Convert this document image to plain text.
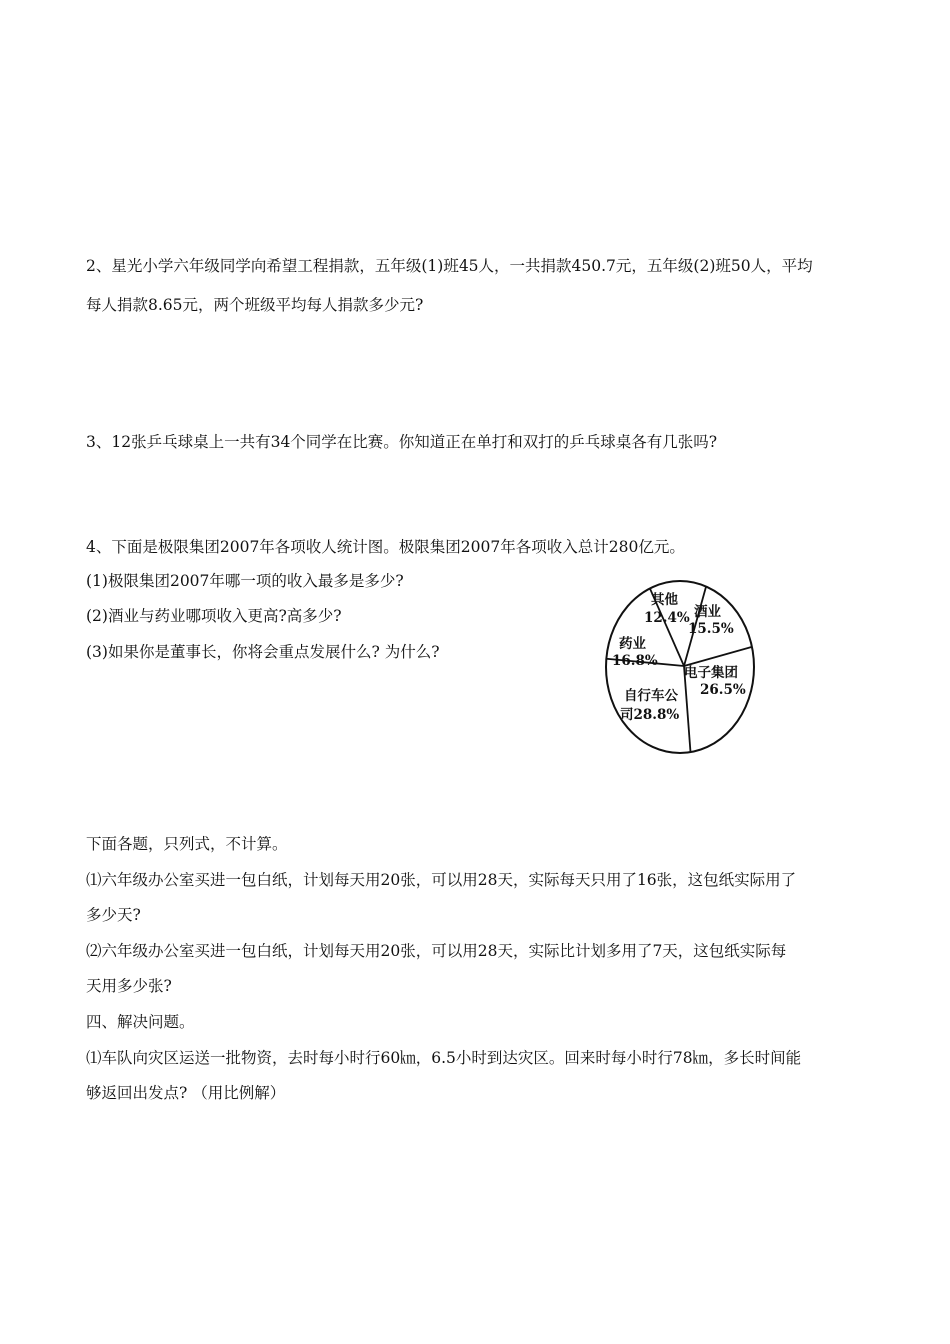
2、星光小学六年级同学向希望工程捐款，五年级(1)班45人，一共捐款450.7元，五年级(2)班50人，平均
每人捐款8.65元，两个班级平均每人捐款多少元?
3、12张乒乓球桌上一共有34个同学在比赛。你知道正在单打和双打的乒乓球桌各有几张吗?
4、下面是极限集团2007年各项收人统计图。极限集团2007年各项收入总计280亿元。
(1)极限集团2007年哪一项的收入最多是多少?
(2)酒业与药业哪项收入更高?高多少?
(3)如果你是董事长，你将会重点发展什么? 为什么?
其他
12.4% 酒业
15.5%
药业
16.8%
电子集团
26.5%
自行车公
司28.8%
下面各题，只列式，不计算。
⑴六年级办公室买进一包白纸，计划每天用20张，可以用28天，实际每天只用了16张，这包纸实际用了
多少天?
⑵六年级办公室买进一包白纸，计划每天用20张，可以用28天，实际比计划多用了7天，这包纸实际每
天用多少张?
四、解决问题。
⑴车队向灾区运送一批物资，去时每小时行60㎞，6.5小时到达灾区。回来时每小时行78㎞，多长时间能
够返回出发点? （用比例解）
